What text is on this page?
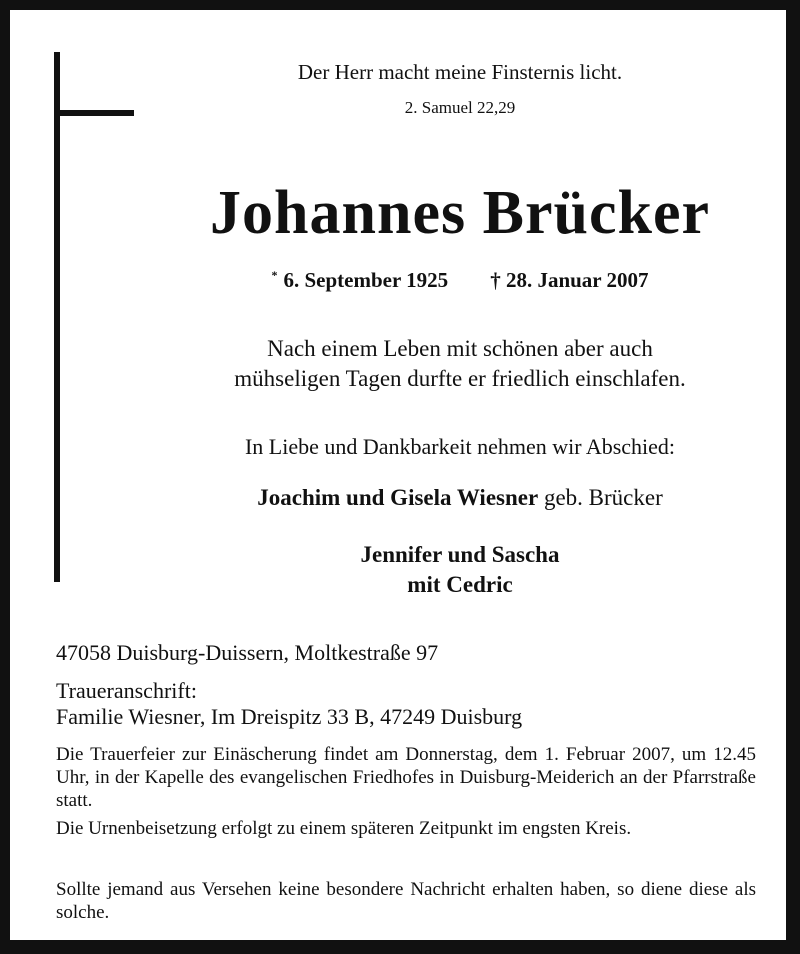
Der Herr macht meine Finsternis licht.

2. Samuel 22,29

Johannes Brücker

* 6. September 1925 † 28. Januar 2007

Nach einem Leben mit schönen aber auch
mühseligen Tagen durfte er friedlich einschlafen.

In Liebe und Dankbarkeit nehmen wir Abschied:

Joachim und Gisela Wiesner geb. Brücker

Jennifer und Sascha
mit Cedric

47058 Duisburg-Duissern, Moltkestraße 97

Traueranschrift:

Familie Wiesner, Im Dreispitz 33 B, 47249 Duisburg

Die Trauerfeier zur Einäscherung findet am Donnerstag, dem 1. Februar 2007, um 12.45 Uhr, in der Kapelle des evangelischen Friedhofes in Duisburg-Meiderich an der Pfarrstraße statt.

Die Urnenbeisetzung erfolgt zu einem späteren Zeitpunkt im engsten Kreis.

Sollte jemand aus Versehen keine besondere Nachricht erhalten haben, so diene diese als solche.
